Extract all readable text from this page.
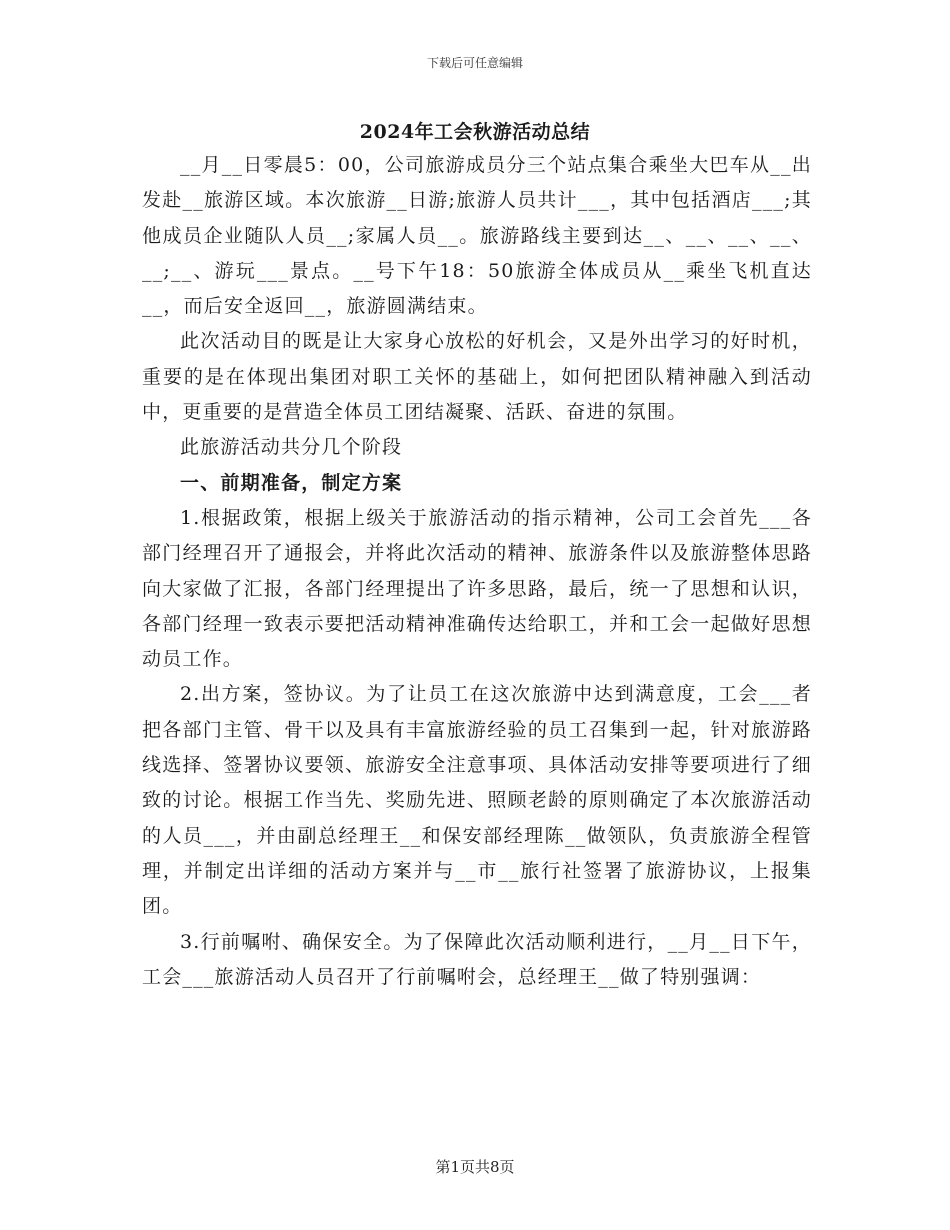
下载后可任意编辑
2024年工会秋游活动总结

__月__日零晨5：00，公司旅游成员分三个站点集合乘坐大巴车从__出发赴__旅游区域。本次旅游__日游;旅游人员共计___，其中包括酒店___;其他成员企业随队人员__;家属人员__。旅游路线主要到达__、__、__、__、__;__、游玩___景点。__号下午18：50旅游全体成员从__乘坐飞机直达__，而后安全返回__，旅游圆满结束。

此次活动目的既是让大家身心放松的好机会，又是外出学习的好时机，重要的是在体现出集团对职工关怀的基础上，如何把团队精神融入到活动中，更重要的是营造全体员工团结凝聚、活跃、奋进的氛围。

此旅游活动共分几个阶段

一、前期准备，制定方案

1.根据政策，根据上级关于旅游活动的指示精神，公司工会首先___各部门经理召开了通报会，并将此次活动的精神、旅游条件以及旅游整体思路向大家做了汇报，各部门经理提出了许多思路，最后，统一了思想和认识，各部门经理一致表示要把活动精神准确传达给职工，并和工会一起做好思想动员工作。

2.出方案，签协议。为了让员工在这次旅游中达到满意度，工会___者把各部门主管、骨干以及具有丰富旅游经验的员工召集到一起，针对旅游路线选择、签署协议要领、旅游安全注意事项、具体活动安排等要项进行了细致的讨论。根据工作当先、奖励先进、照顾老龄的原则确定了本次旅游活动的人员___，并由副总经理王__和保安部经理陈__做领队，负责旅游全程管理，并制定出详细的活动方案并与__市__旅行社签署了旅游协议，上报集团。

3.行前嘱咐、确保安全。为了保障此次活动顺利进行，__月__日下午，工会___旅游活动人员召开了行前嘱咐会，总经理王__做了特别强调：

第1页共8页
